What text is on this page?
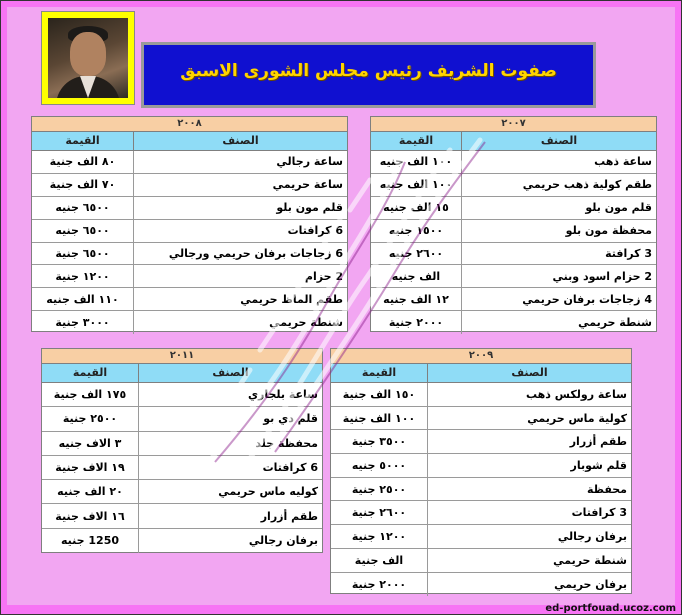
صفوت الشريف رئيس مجلس الشورى الاسبق
٢٠٠٧
القيمة	الصنف
١٠٠ الف جنيه	ساعة ذهب
١٠٠ الف جنيه	طقم كولية ذهب حريمي
١٥ الف جنيه	قلم مون بلو
١٥٠٠ جنيه	محفظة مون بلو
٢٦٠٠ جنيه	3 كرافتة
الف جنيه	2 حزام اسود وبني
١٢ الف جنيه	4 زجاجات برفان حريمي
٢٠٠٠ جنية	شنطة حريمي
٢٠٠٨
القيمة	الصنف
٨٠ الف جنية	ساعة رجالي
٧٠ الف جنية	ساعة حريمي
٦٥٠٠ جنيه	قلم مون بلو
٦٥٠٠ جنيه	6 كرافتات
٦٥٠٠ جنية	6 زجاجات برفان حريمي ورجالي
١٢٠٠ جنية	2 حزام
١١٠ الف جنيه	طقم الماظ حريمي
٣٠٠٠ جنية	شنطة حريمي
٢٠٠٩
القيمة	الصنف
١٥٠ الف جنية	ساعة رولكس ذهب
١٠٠ الف جنية	كولية ماس حريمي
٣٥٠٠ جنية	طقم أزرار
٥٠٠٠ جنيه	قلم شوبار
٢٥٠٠ جنية	محفظة
٢٦٠٠ جنية	3 كرافتات
١٢٠٠ جنية	برفان رجالي
الف جنية	شنطة حريمي
٢٠٠٠ جنية	برفان حريمي
٢٠١١
القيمة	الصنف
١٧٥ الف جنية	ساعة بلجاري
٢٥٠٠ جنية	قلم دي بو
٣ الاف جنيه	محفظة جلد
١٩ الاف جنية	6 كرافتات
٢٠ الف جنيه	كوليه ماس حريمي
١٦ الاف جنية	طقم أزرار
1250 جنيه	برفان رجالي
ed-portfouad.ucoz.com
